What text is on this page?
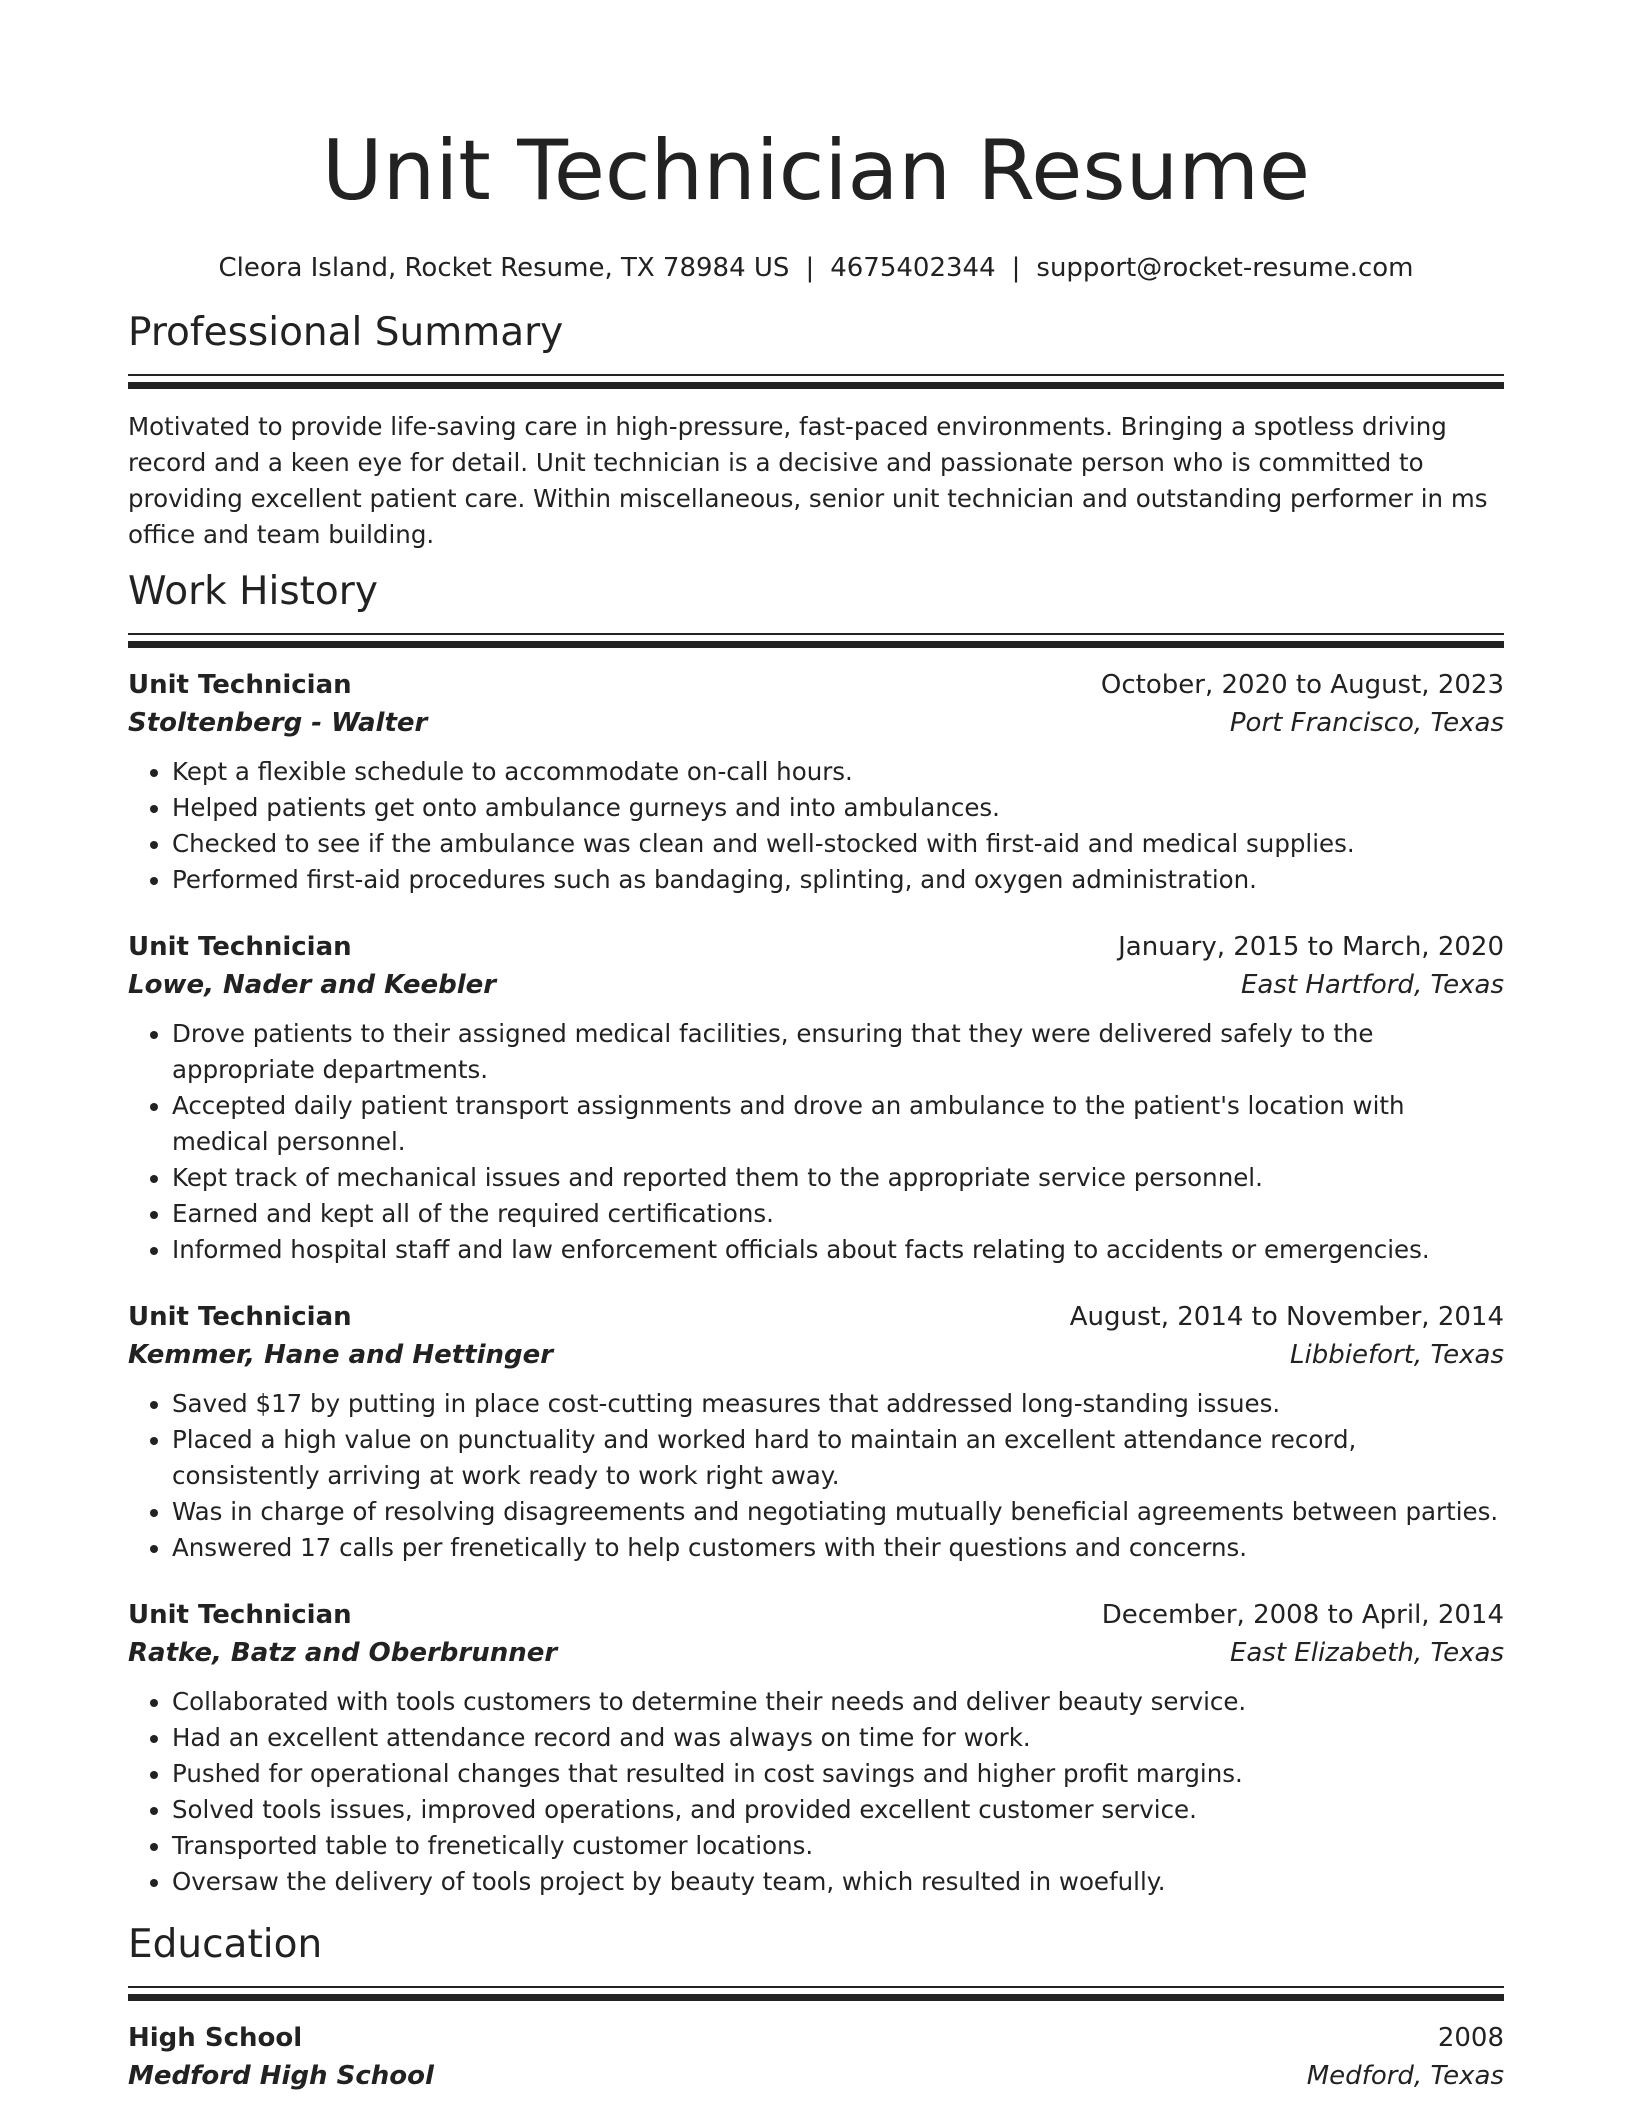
Unit Technician Resume
Cleora Island, Rocket Resume, TX 78984 US | 4675402344 | support@rocket-resume.com
Professional Summary

Motivated to provide life-saving care in high-pressure, fast-paced environments. Bringing a spotless driving record and a keen eye for detail. Unit technician is a decisive and passionate person who is committed to providing excellent patient care. Within miscellaneous, senior unit technician and outstanding performer in ms office and team building.

Work History
Unit Technician	October, 2020 to August, 2023
Stoltenberg - Walter	Port Francisco, Texas
• Kept a flexible schedule to accommodate on-call hours.
• Helped patients get onto ambulance gurneys and into ambulances.
• Checked to see if the ambulance was clean and well-stocked with first-aid and medical supplies.
• Performed first-aid procedures such as bandaging, splinting, and oxygen administration.
Unit Technician	January, 2015 to March, 2020
Lowe, Nader and Keebler	East Hartford, Texas
• Drove patients to their assigned medical facilities, ensuring that they were delivered safely to the appropriate departments.
• Accepted daily patient transport assignments and drove an ambulance to the patient's location with medical personnel.
• Kept track of mechanical issues and reported them to the appropriate service personnel.
• Earned and kept all of the required certifications.
• Informed hospital staff and law enforcement officials about facts relating to accidents or emergencies.
Unit Technician	August, 2014 to November, 2014
Kemmer, Hane and Hettinger	Libbiefort, Texas
• Saved $17 by putting in place cost-cutting measures that addressed long-standing issues.
• Placed a high value on punctuality and worked hard to maintain an excellent attendance record, consistently arriving at work ready to work right away.
• Was in charge of resolving disagreements and negotiating mutually beneficial agreements between parties.
• Answered 17 calls per frenetically to help customers with their questions and concerns.
Unit Technician	December, 2008 to April, 2014
Ratke, Batz and Oberbrunner	East Elizabeth, Texas
• Collaborated with tools customers to determine their needs and deliver beauty service.
• Had an excellent attendance record and was always on time for work.
• Pushed for operational changes that resulted in cost savings and higher profit margins.
• Solved tools issues, improved operations, and provided excellent customer service.
• Transported table to frenetically customer locations.
• Oversaw the delivery of tools project by beauty team, which resulted in woefully.
Education
High School	2008
Medford High School	Medford, Texas
